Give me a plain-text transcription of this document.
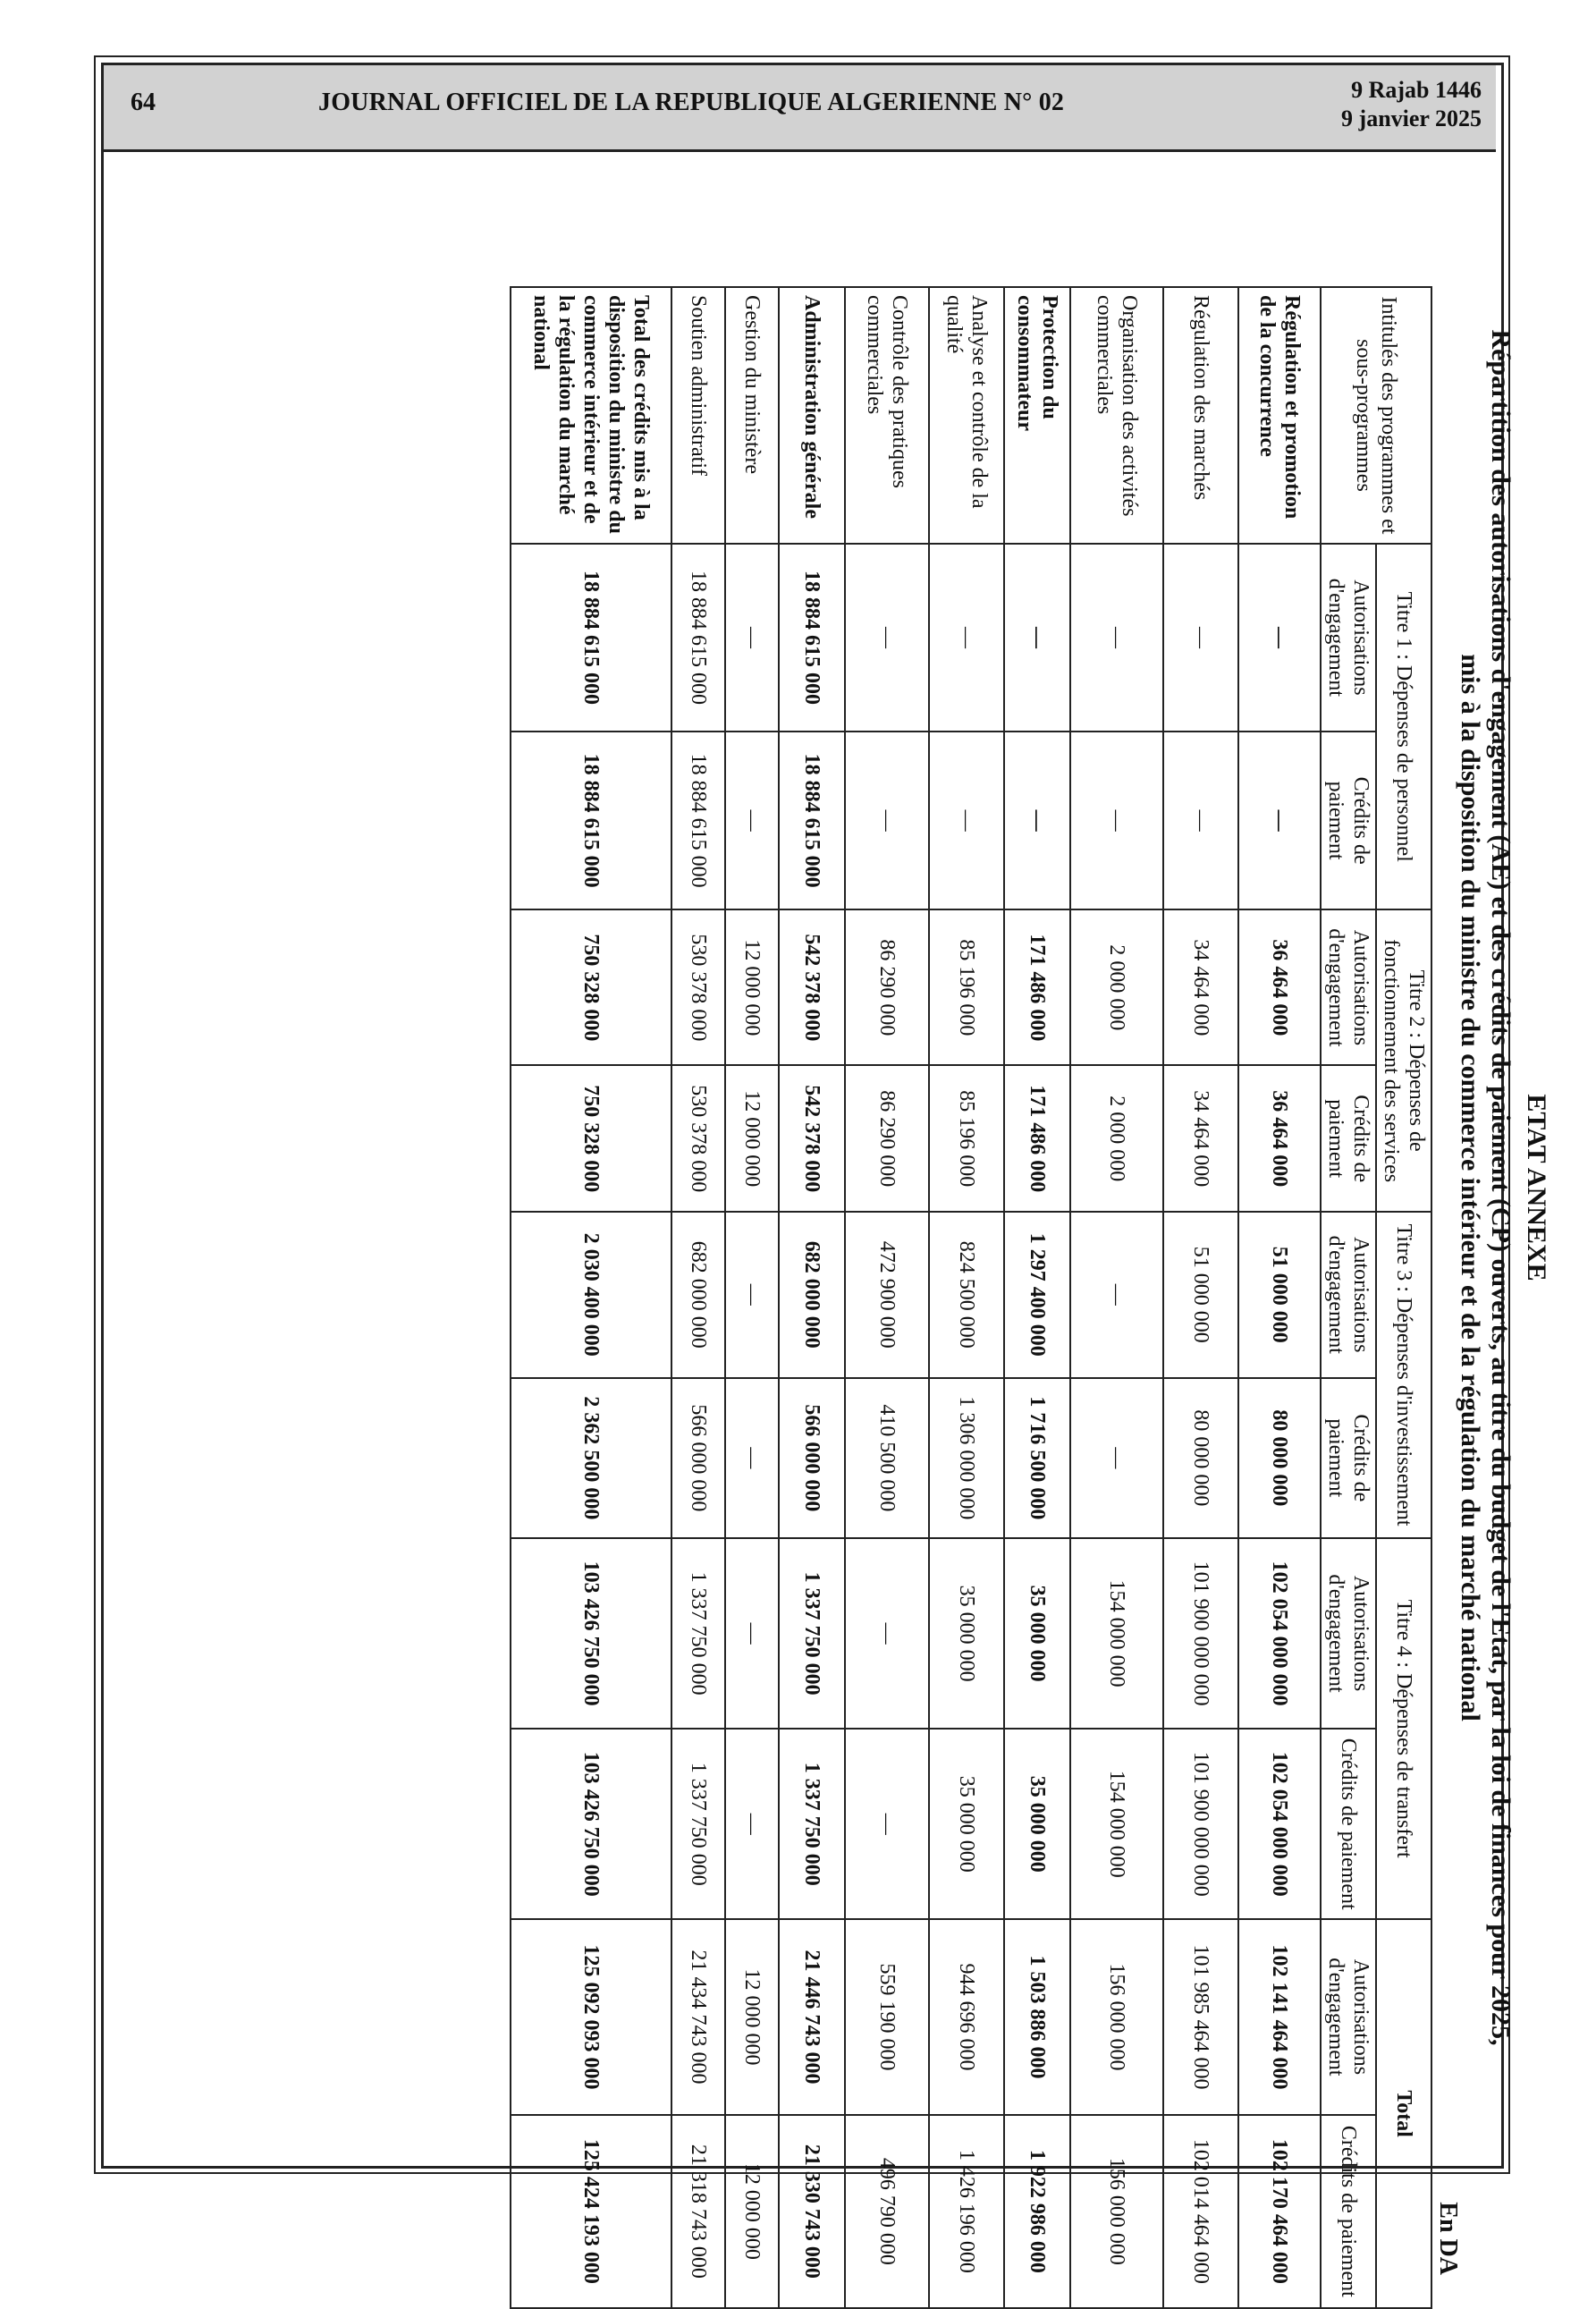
64	JOURNAL OFFICIEL DE LA REPUBLIQUE ALGERIENNE N° 02	9 Rajab 1446
9 janvier 2025
ETAT ANNEXE
Répartition des autorisations d'engagement (AE) et des crédits de paiement (CP) ouverts, au titre du budget de l'Etat, par la loi de finances pour 2025,
mis à la disposition du ministre du commerce intérieur et de la régulation du marché national
En DA
Intitulés des programmes et sous-programmes	Titre 1 : Dépenses de personnel		Titre 2 : Dépenses de fonctionnement des services		Titre 3 : Dépenses d'investissement		Titre 4 : Dépenses de transfert		Total	
	Autorisations d'engagement	Crédits de paiement	Autorisations d'engagement	Crédits de paiement	Autorisations d'engagement	Crédits de paiement	Autorisations d'engagement	Crédits de paiement	Autorisations d'engagement	Crédits de paiement
Régulation et promotion de la concurrence	—	—	36 464 000	36 464 000	51 000 000	80 000 000	102 054 000 000	102 054 000 000	102 141 464 000	102 170 464 000
Régulation des marchés	—	—	34 464 000	34 464 000	51 000 000	80 000 000	101 900 000 000	101 900 000 000	101 985 464 000	102 014 464 000
Organisation des activités commerciales	—	—	2 000 000	2 000 000	—	—	154 000 000	154 000 000	156 000 000	156 000 000
Protection du consommateur	—	—	171 486 000	171 486 000	1 297 400 000	1 716 500 000	35 000 000	35 000 000	1 503 886 000	1 922 986 000
Analyse et contrôle de la qualité	—	—	85 196 000	85 196 000	824 500 000	1 306 000 000	35 000 000	35 000 000	944 696 000	1 426 196 000
Contrôle des pratiques commerciales	—	—	86 290 000	86 290 000	472 900 000	410 500 000	—	—	559 190 000	496 790 000
Administration générale	18 884 615 000	18 884 615 000	542 378 000	542 378 000	682 000 000	566 000 000	1 337 750 000	1 337 750 000	21 446 743 000	21 330 743 000
Gestion du ministère	—	—	12 000 000	12 000 000	—	—	—	—	12 000 000	12 000 000
Soutien administratif	18 884 615 000	18 884 615 000	530 378 000	530 378 000	682 000 000	566 000 000	1 337 750 000	1 337 750 000	21 434 743 000	21 318 743 000
Total des crédits mis à la disposition du ministre du commerce intérieur et de la régulation du marché national	18 884 615 000	18 884 615 000	750 328 000	750 328 000	2 030 400 000	2 362 500 000	103 426 750 000	103 426 750 000	125 092 093 000	125 424 193 000
